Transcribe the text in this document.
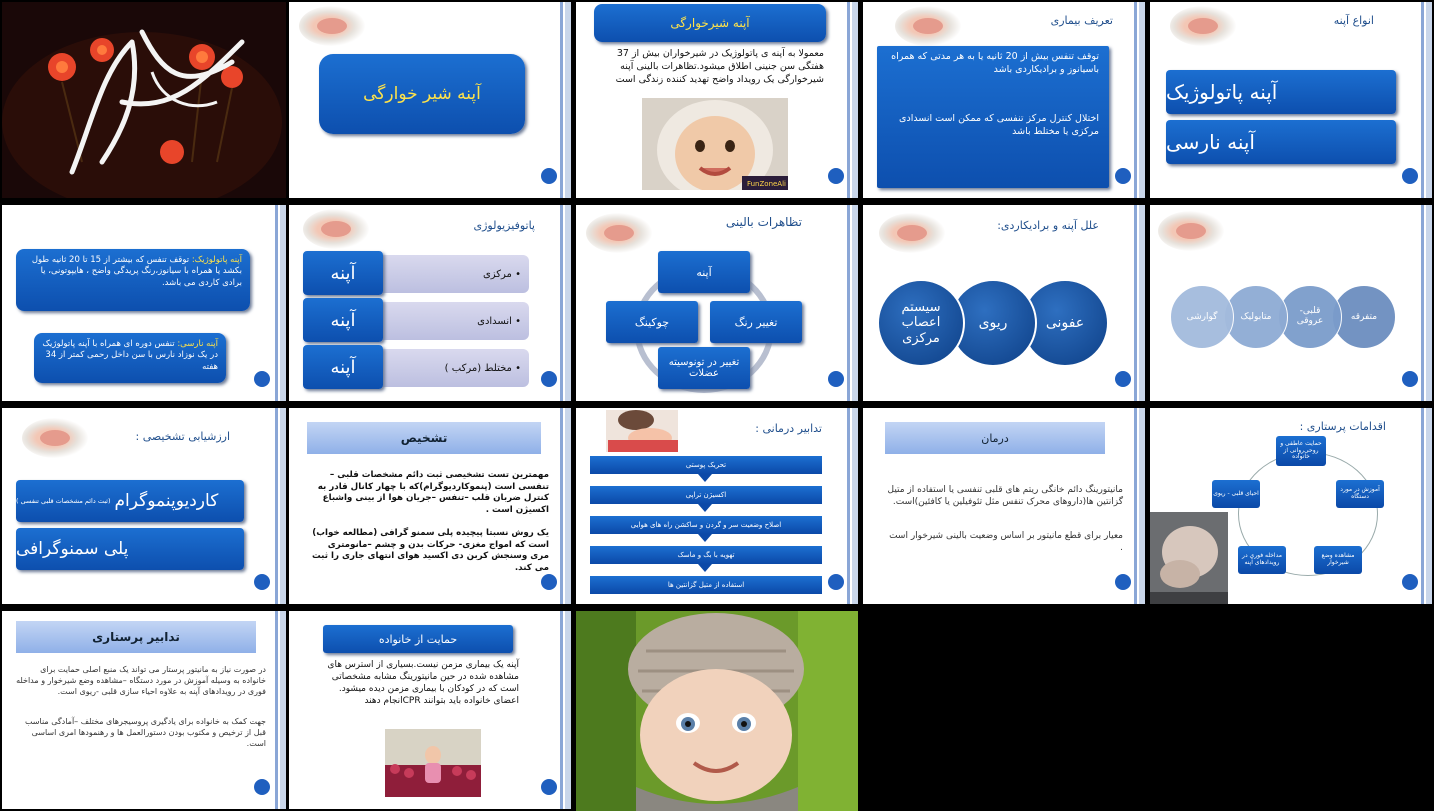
آپنه شیر خوارگی
آپنه شیرخوارگی
معمولا به آپنه ی پاتولوژیک در شیرخواران بیش از 37 هفتگی سن جنینی اطلاق میشود.تظاهرات بالینی آپنه شیرخوارگی یک رویداد واضح تهدید کننده زندگی است
FunZoneAli
تعریف بیماری
توقف تنفس بیش از 20 ثانیه یا به هر مدتی که همراه باسیانوز و برادیکاردی باشد
اختلال کنترل مرکز تنفسی که ممکن است انسدادی مرکزی یا مختلط باشد
انواع آپنه
آپنه پاتولوژیک
آپنه نارسی
آپنه پاتولوژیک: توقف تنفس که بیشتر از 15 تا 20 ثانیه طول بکشد یا همراه با سیانوز،رنگ پریدگی واضح ، هایپوتونی، یا برادی کاردی می باشد.
آپنه نارسی: تنفس دوره ای همراه با آپنه پاتولوژیک در یک نوزاد نارس با سن داخل رحمی کمتر از 34 هفته
پاتوفیزیولوژی
• مرکزی
آپنه
• انسدادی
آپنه
• مختلط (مرکب )
آپنه
تظاهرات بالینی
آپنه
چوکینگ	تغییر رنگ
تغییر در تونوسیته عضلات
علل آپنه و برادیکاردی:
عفونی
ریوی
سیستم اعصاب مرکزی
متفرقه
قلبی- عروقی
متابولیک
گوارشی
ارزشیابی تشخیصی :
کاردیوپنموگرام
(ثبت دائم مشخصات قلبی تنفسی )
پلی سمنوگرافی
تشخیص
مهمترین تست تشخیصی ثبت دائم مشخصات قلبی – تنفسی است (پنموکاردیوگرام)که با چهار کانال قادر به کنترل ضربان قلب –تنفس –جریان هوا از بینی واشباع اکسیژن است .
یک روش نسبتا پیچیده پلی سمنو گرافی (مطالعه خواب) است که امواج مغزی- حرکات بدن و چشم –مانومتری مری وسنجش کربن دی اکسید هوای انتهای جاری را ثبت می کند.
تدابیر درمانی :
تحریک پوستی
اکسیژن تراپی
اصلاح وضعیت سر و گردن و ساکشن راه های هوایی
تهویه با بگ و ماسک
استفاده از متیل گزانتین ها
درمان
مانیتورینگ دائم خانگی ریتم های قلبی تنفسی یا استفاده از متیل گزانتین ها(داروهای محرک تنفس مثل تئوفیلین یا کافئین)است.
معیار برای قطع مانیتور بر اساس وضعیت بالینی شیرخوار است .
اقدامات پرستاری :
حمایت عاطفی و روحی‌روانی از خانواده
آموزش در مورد دستگاه
مشاهده وضع شیرخوار
مداخله فوری در رویدادهای آپنه
احیای قلبی - ریوی
تدابیر پرستاری
در صورت نیاز به مانیتور پرستار می تواند یک منبع اصلی حمایت برای خانواده به وسیله آموزش در مورد دستگاه –مشاهده وضع شیرخوار و مداخله فوری در رویدادهای آپنه به علاوه احیاء سازی قلبی -ریوی است.
جهت کمک به خانواده برای یادگیری پروسیجرهای مختلف –آمادگی مناسب قبل از ترخیص و مکتوب بودن دستورالعمل ها و رهنمودها امری اساسی است.
حمایت از خانواده
آپنه یک بیماری مزمن نیست.بسیاری از استرس های مشاهده شده در حین مانیتورینگ مشابه مشخصاتی است که در کودکان با بیماری مزمن دیده میشود. اعضای خانواده باید بتوانند CPRانجام دهند
